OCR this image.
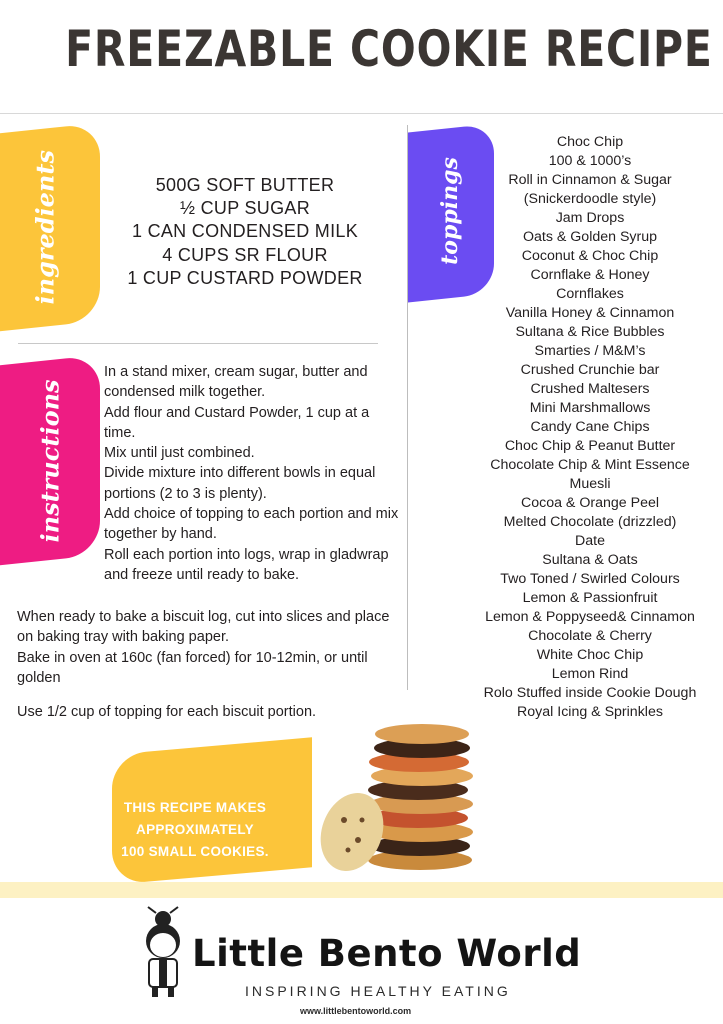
FREEZABLE COOKIE RECIPE
ingredients	500G SOFT BUTTER
½ CUP SUGAR
1 CAN CONDENSED MILK
4 CUPS SR FLOUR
1 CUP CUSTARD POWDER
instructions
In a stand mixer, cream sugar, butter and condensed milk together.
Add flour and Custard Powder, 1 cup at a time.
Mix until just combined.
Divide mixture into different bowls in equal portions (2 to 3 is plenty).
Add choice of topping to each portion and mix together by hand.
Roll each portion into logs, wrap in gladwrap and freeze until ready to bake.
When ready to bake a biscuit log, cut into slices and place on baking tray with baking paper.
Bake in oven at 160c (fan forced) for 10-12min, or until golden
Use 1/2 cup of topping for each biscuit portion.
toppings
Choc Chip
100 & 1000’s
Roll in Cinnamon & Sugar
(Snickerdoodle style)
Jam Drops
Oats & Golden Syrup
Coconut & Choc Chip
Cornflake & Honey
Cornflakes
Vanilla Honey & Cinnamon
Sultana & Rice Bubbles
Smarties / M&M’s
Crushed Crunchie bar
Crushed Maltesers
Mini Marshmallows
Candy Cane Chips
Choc Chip & Peanut Butter
Chocolate Chip & Mint Essence
Muesli
Cocoa & Orange Peel
Melted Chocolate (drizzled)
Date
Sultana & Oats
Two Toned / Swirled Colours
Lemon & Passionfruit
Lemon & Poppyseed& Cinnamon
Chocolate & Cherry
White Choc Chip
Lemon Rind
Rolo Stuffed inside Cookie Dough
Royal Icing & Sprinkles
THIS RECIPE MAKES
APPROXIMATELY
100 SMALL COOKIES.
Little Bento World
INSPIRING HEALTHY EATING
www.littlebentoworld.com
